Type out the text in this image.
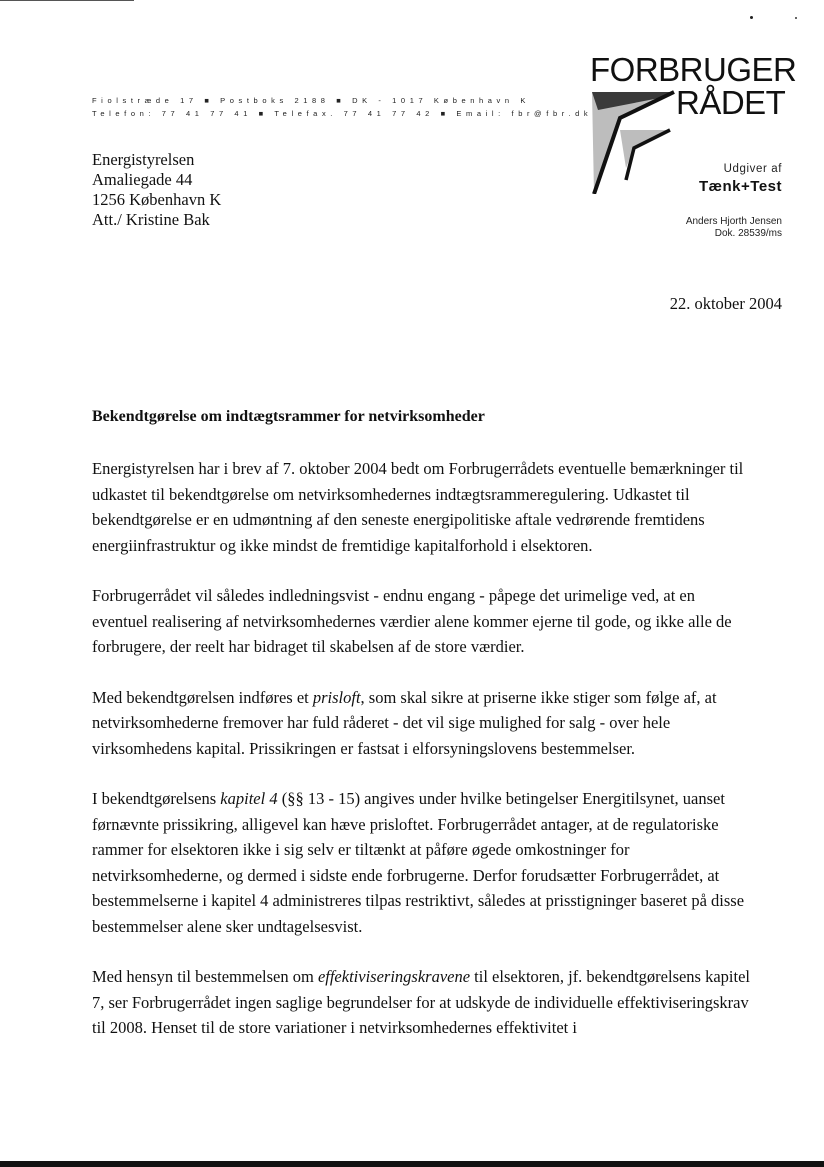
Fiolstræde 17 ■ Postboks 2188 ■ DK - 1017 København K
Telefon: 77 41 77 41 ■ Telefax. 77 41 77 42 ■ Email: fbr@fbr.dk
FORBRUGER
RÅDET
Udgiver af
Tænk+Test
Anders Hjorth Jensen
Dok. 28539/ms
Energistyrelsen
Amaliegade 44
1256 København K
Att./ Kristine Bak
22. oktober 2004
Bekendtgørelse om indtægtsrammer for netvirksomheder

Energistyrelsen har i brev af 7. oktober 2004 bedt om Forbrugerrådets eventuelle bemærkninger til udkastet til bekendtgørelse om netvirksomhedernes indtægtsrammeregulering. Udkastet til bekendtgørelse er en udmøntning af den seneste energipolitiske aftale vedrørende fremtidens energiinfrastruktur og ikke mindst de fremtidige kapitalforhold i elsektoren.

Forbrugerrådet vil således indledningsvist - endnu engang - påpege det urimelige ved, at en eventuel realisering af netvirksomhedernes værdier alene kommer ejerne til gode, og ikke alle de forbrugere, der reelt har bidraget til skabelsen af de store værdier.

Med bekendtgørelsen indføres et prisloft, som skal sikre at priserne ikke stiger som følge af, at netvirksomhederne fremover har fuld råderet - det vil sige mulighed for salg - over hele virksomhedens kapital. Prissikringen er fastsat i elforsyningslovens bestemmelser.

I bekendtgørelsens kapitel 4 (§§ 13 - 15) angives under hvilke betingelser Energitilsynet, uanset førnævnte prissikring, alligevel kan hæve prisloftet. Forbrugerrådet antager, at de regulatoriske rammer for elsektoren ikke i sig selv er tiltænkt at påføre øgede omkostninger for netvirksomhederne, og dermed i sidste ende forbrugerne. Derfor forudsætter Forbrugerrådet, at bestemmelserne i kapitel 4 administreres tilpas restriktivt, således at prisstigninger baseret på disse bestemmelser alene sker undtagelsesvist.

Med hensyn til bestemmelsen om effektiviseringskravene til elsektoren, jf. bekendtgørelsens kapitel 7, ser Forbrugerrådet ingen saglige begrundelser for at udskyde de individuelle effektiviseringskrav til 2008. Henset til de store variationer i netvirksomhedernes effektivitet i
